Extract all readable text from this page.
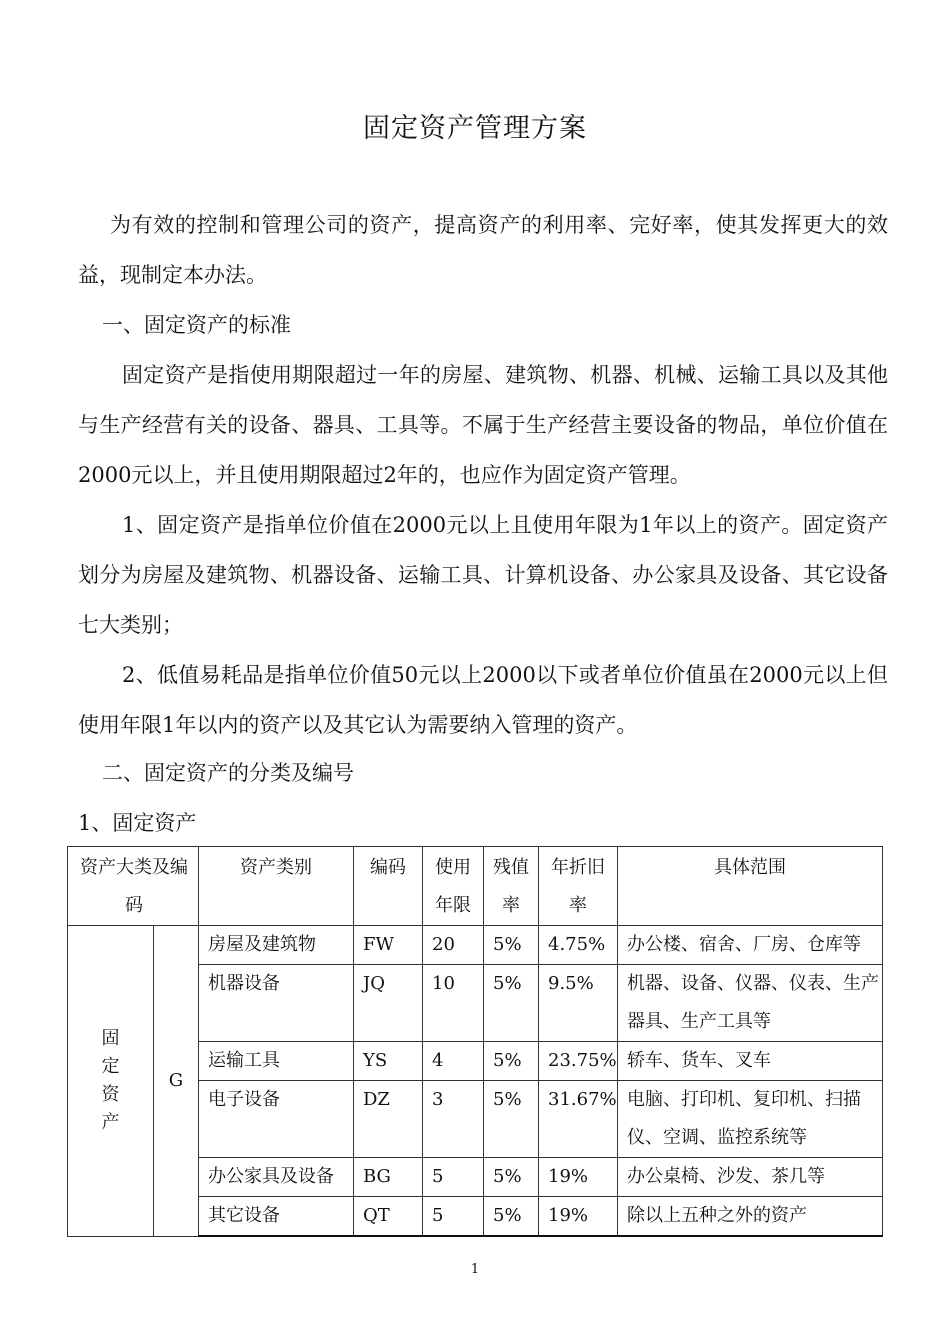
固定资产管理方案
为有效的控制和管理公司的资产，提高资产的利用率、完好率，使其发挥更大的效益，现制定本办法。
一、固定资产的标准
固定资产是指使用期限超过一年的房屋、建筑物、机器、机械、运输工具以及其他与生产经营有关的设备、器具、工具等。不属于生产经营主要设备的物品，单位价值在2000元以上，并且使用期限超过2年的，也应作为固定资产管理。
1、固定资产是指单位价值在2000元以上且使用年限为1年以上的资产。固定资产划分为房屋及建筑物、机器设备、运输工具、计算机设备、办公家具及设备、其它设备七大类别；
2、低值易耗品是指单位价值50元以上2000以下或者单位价值虽在2000元以上但使用年限1年以内的资产以及其它认为需要纳入管理的资产。
二、固定资产的分类及编号
1、固定资产
资产大类及编码		资产类别	编码	使用年限	残值率	年折旧率	具体范围
固定资产	G	房屋及建筑物	FW	20	5%	4.75%	办公楼、宿舍、厂房、仓库等
		机器设备	JQ	10	5%	9.5%	机器、设备、仪器、仪表、生产器具、生产工具等
		运输工具	YS	4	5%	23.75%	轿车、货车、叉车
		电子设备	DZ	3	5%	31.67%	电脑、打印机、复印机、扫描仪、空调、监控系统等
		办公家具及设备	BG	5	5%	19%	办公桌椅、沙发、茶几等
		其它设备	QT	5	5%	19%	除以上五种之外的资产
1
